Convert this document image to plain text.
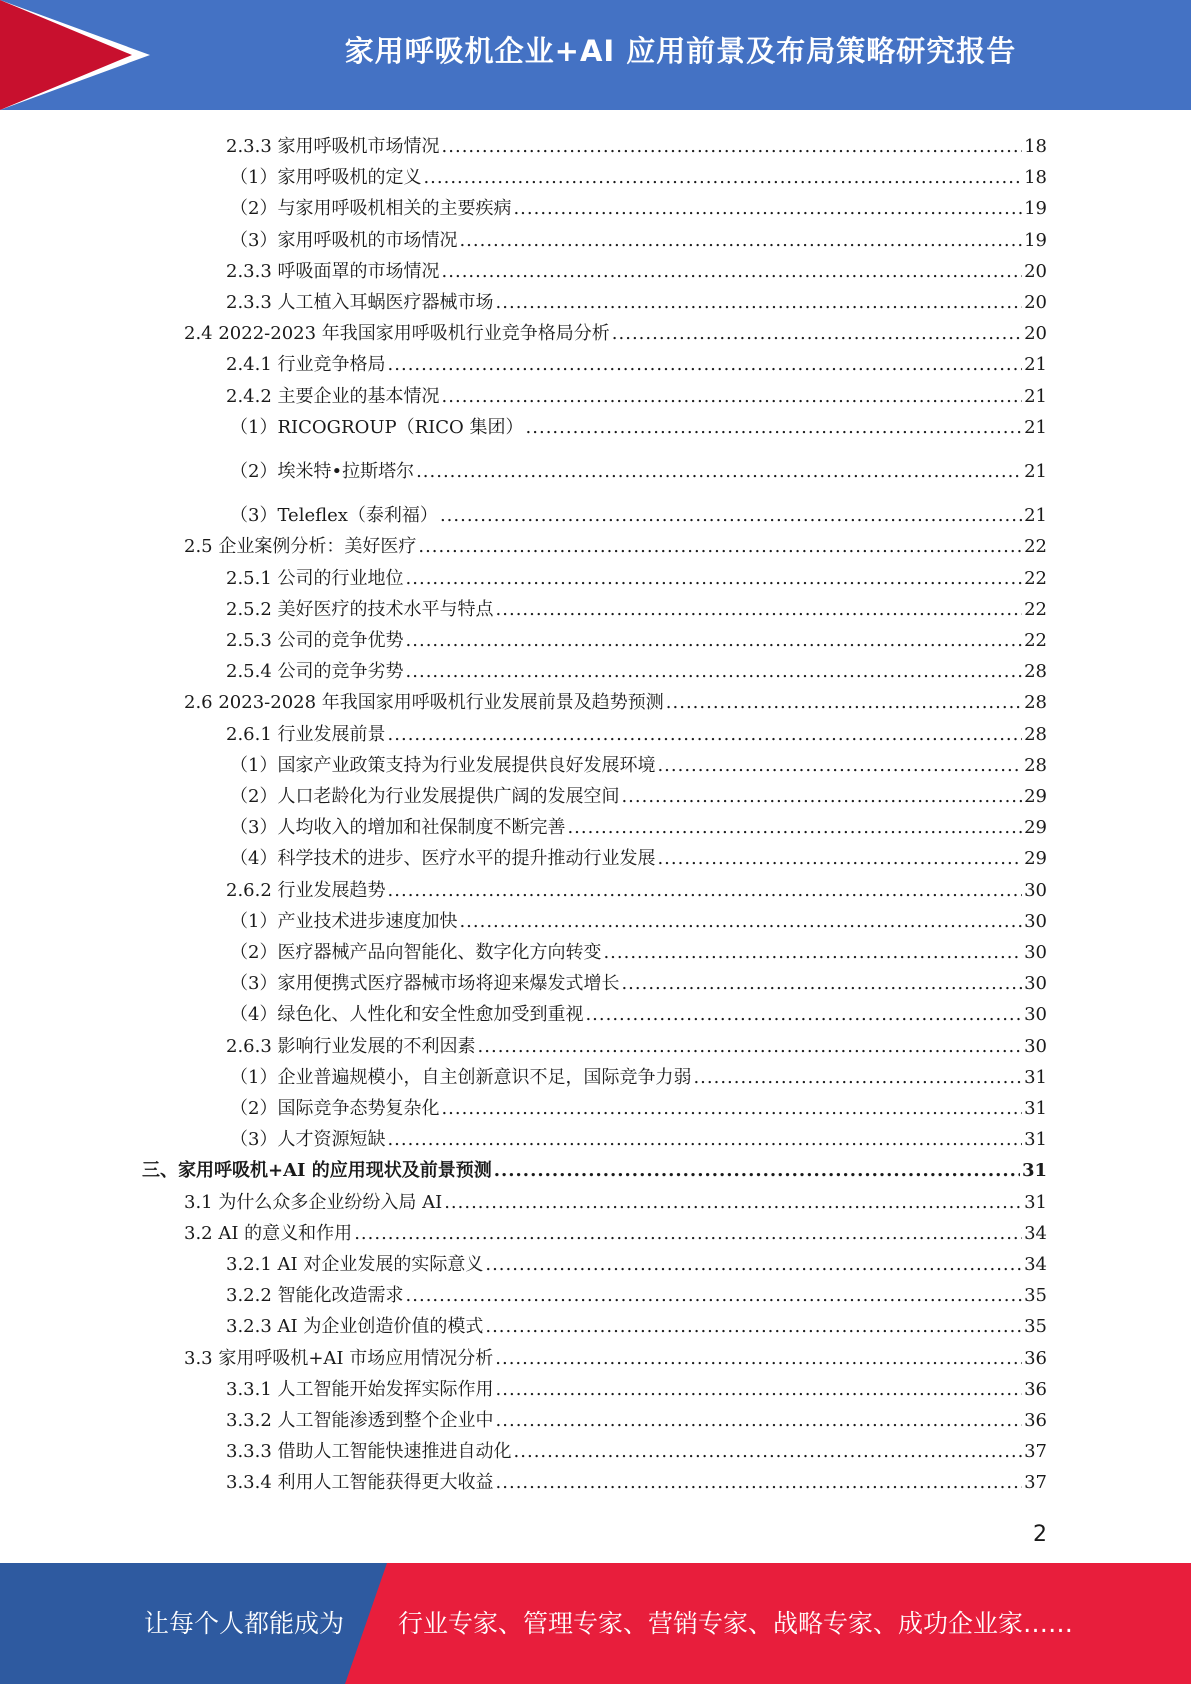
家用呼吸机企业+AI 应用前景及布局策略研究报告
2.3.3 家用呼吸机市场情况 .....	18
（1）家用呼吸机的定义 .....	18
（2）与家用呼吸机相关的主要疾病 .....	19
（3）家用呼吸机的市场情况 .....	19
2.3.3 呼吸面罩的市场情况 .....	20
2.3.3 人工植入耳蜗医疗器械市场 .....	20
2.4 2022-2023 年我国家用呼吸机行业竞争格局分析 .....	20
2.4.1 行业竞争格局 .....	21
2.4.2 主要企业的基本情况 .....	21
（1）RICOGROUP（RICO 集团） .....	21
（2）埃米特•拉斯塔尔 .....	21
（3）Teleflex（泰利福） .....	21
2.5 企业案例分析：美好医疗 .....	22
2.5.1 公司的行业地位 .....	22
2.5.2 美好医疗的技术水平与特点 .....	22
2.5.3 公司的竞争优势 .....	22
2.5.4 公司的竞争劣势 .....	28
2.6 2023-2028 年我国家用呼吸机行业发展前景及趋势预测 .....	28
2.6.1 行业发展前景 .....	28
（1）国家产业政策支持为行业发展提供良好发展环境 .....	28
（2）人口老龄化为行业发展提供广阔的发展空间 .....	29
（3）人均收入的增加和社保制度不断完善 .....	29
（4）科学技术的进步、医疗水平的提升推动行业发展 .....	29
2.6.2 行业发展趋势 .....	30
（1）产业技术进步速度加快 .....	30
（2）医疗器械产品向智能化、数字化方向转变 .....	30
（3）家用便携式医疗器械市场将迎来爆发式增长 .....	30
（4）绿色化、人性化和安全性愈加受到重视 .....	30
2.6.3 影响行业发展的不利因素 .....	30
（1）企业普遍规模小，自主创新意识不足，国际竞争力弱 .....	31
（2）国际竞争态势复杂化 .....	31
（3）人才资源短缺 .....	31
三、家用呼吸机+AI 的应用现状及前景预测 .....	31
3.1 为什么众多企业纷纷入局 AI .....	31
3.2 AI 的意义和作用 .....	34
3.2.1 AI 对企业发展的实际意义 .....	34
3.2.2 智能化改造需求 .....	35
3.2.3 AI 为企业创造价值的模式 .....	35
3.3 家用呼吸机+AI 市场应用情况分析 .....	36
3.3.1 人工智能开始发挥实际作用 .....	36
3.3.2 人工智能渗透到整个企业中 .....	36
3.3.3 借助人工智能快速推进自动化 .....	37
3.3.4 利用人工智能获得更大收益 .....	37
2
让每个人都能成为 行业专家、管理专家、营销专家、战略专家、成功企业家……
